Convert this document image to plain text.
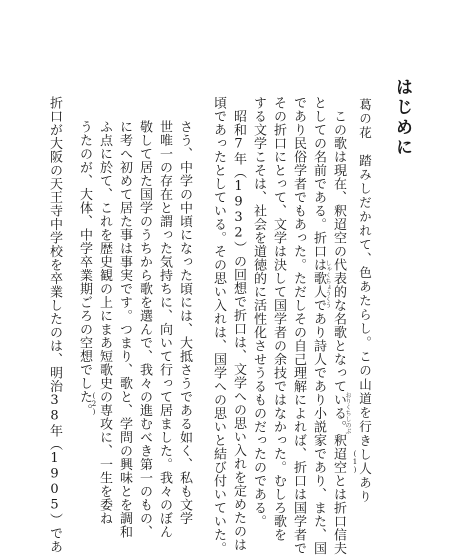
はじめに
葛の花　踏みしだかれて、色あたらし。この山道を行きし人あり
(1)
　この歌は現在、釈迢空の代表的な名歌となっている。釈迢空とは折口信夫
としての名前である。折口は歌人であり詩人であり小説家であり、また、国
であり民俗学者でもあった。ただしその自己理解によれば、折口は国学者で
その折口にとって、文学は決して国学者の余技ではなかった。むしろ歌を
する文学こそは、社会を道徳的に活性化させうるものだったのである。
　昭和7年（1932）の回想で折口は、文学への思い入れを定めたのは
頃であったとしている。その思い入れは、国学への思いと結び付いていた。	しゃくちょうくう
おりくちしのぶ
さう、中学の中頃になった頃には、大抵さうである如く、私も文学
世唯一の存在と謂った気持ちに、向いて行って居ました。我々のぼん
敬して居た国学のうちから歌を選んで、我々の進むべき第一のもの、
に考へ初めて居た事は事実です。つまり、歌と、学問の興味とを調和
ふ点に於て、これを歴史観の上にまあ短歌史の専攻に、一生を委ね
うたのが、大体、中学卒業期ごろの空想でした。
(2)
折口が大阪の天王寺中学校を卒業したのは、明治38年（1905）であ
